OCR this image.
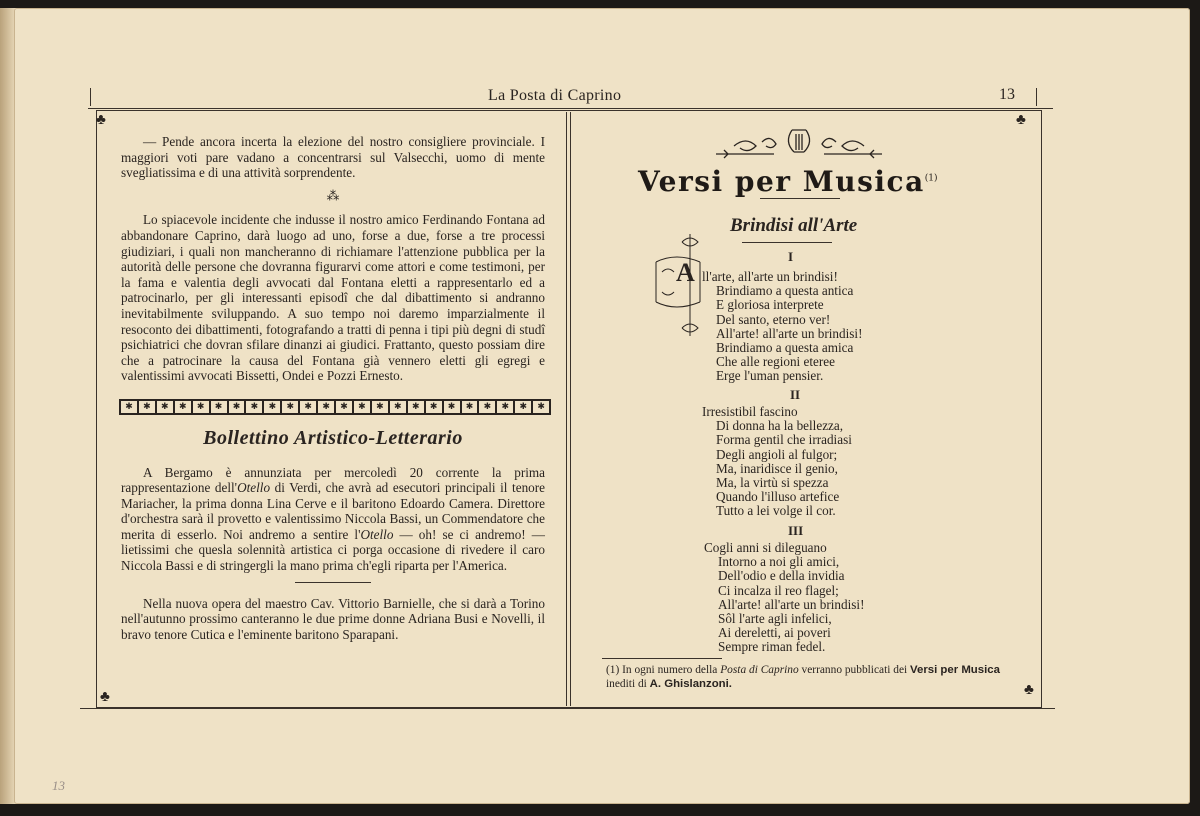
13
La Posta di Caprino	13
♣	♣
♣	♣

— Pende ancora incerta la elezione del nostro consigliere provinciale. I maggiori voti pare vadano a concentrarsi sul Valsecchi, uomo di mente svegliatissima e di una attività sorprendente.

⁂

Lo spiacevole incidente che indusse il nostro amico Ferdinando Fontana ad abbandonare Caprino, darà luogo ad uno, forse a due, forse a tre processi giudiziari, i quali non mancheranno di richiamare l'attenzione pubblica per la autorità delle persone che dovranna figurarvi come attori e come testimoni, per la fama e valentia degli avvocati dal Fontana eletti a rappresentarlo ed a patrocinarlo, per gli interessanti episodî che dal dibattimento si andranno inevitabilmente sviluppando. A suo tempo noi daremo imparzialmente il resoconto dei dibattimenti, fotografando a tratti di penna i tipi più degni di studî psichiatrici che dovran sfilare dinanzi ai giudici. Frattanto, questo possiam dire che a patrocinare la causa del Fontana già vennero eletti gli egregi e valentissimi avvocati Bissetti, Ondei e Pozzi Ernesto.

✱	✱	✱	✱	✱	✱	✱	✱	✱	✱	✱	✱	✱	✱	✱	✱	✱	✱	✱	✱	✱	✱	✱	✱
Bollettino Artistico-Letterario

A Bergamo è annunziata per mercoledì 20 corrente la prima rappresentazione dell'Otello di Verdi, che avrà ad esecutori principali il tenore Mariacher, la prima donna Lina Cerve e il baritono Edoardo Camera. Direttore d'orchestra sarà il provetto e valentissimo Niccola Bassi, un Commendatore che merita di esserlo. Noi andremo a sentire l'Otello — oh! se ci andremo! — lietissimi che quesla solennità artistica ci porga occasione di rivedere il caro Niccola Bassi e di stringergli la mano prima ch'egli riparta per l'America.

Nella nuova opera del maestro Cav. Vittorio Barnielle, che si darà a Torino nell'autunno prossimo canteranno le due prime donne Adriana Busi e Novelli, il bravo tenore Cutica e l'eminente baritono Sparapani.

Versi per Musica$^{(1)}$
Brindisi all'Arte
I
A ll'arte, all'arte un brindisi!
Brindiamo a questa antica
E gloriosa interprete
Del santo, eterno ver!
All'arte! all'arte un brindisi!
Brindiamo a questa amica
Che alle regioni eteree
Erge l'uman pensier.
II
Irresistibil fascino
Di donna ha la bellezza,
Forma gentil che irradiasi
Degli angioli al fulgor;
Ma, inaridisce il genio,
Ma, la virtù si spezza
Quando l'illuso artefice
Tutto a lei volge il cor.
III
Cogli anni si dileguano
Intorno a noi gli amici,
Dell'odio e della invidia
Ci incalza il reo flagel;
All'arte! all'arte un brindisi!
Sôl l'arte agli infelici,
Ai dereletti, ai poveri
Sempre riman fedel.
(1) In ogni numero della Posta di Caprino verranno pubblicati dei Versi per Musica inediti di A. Ghislanzoni.
